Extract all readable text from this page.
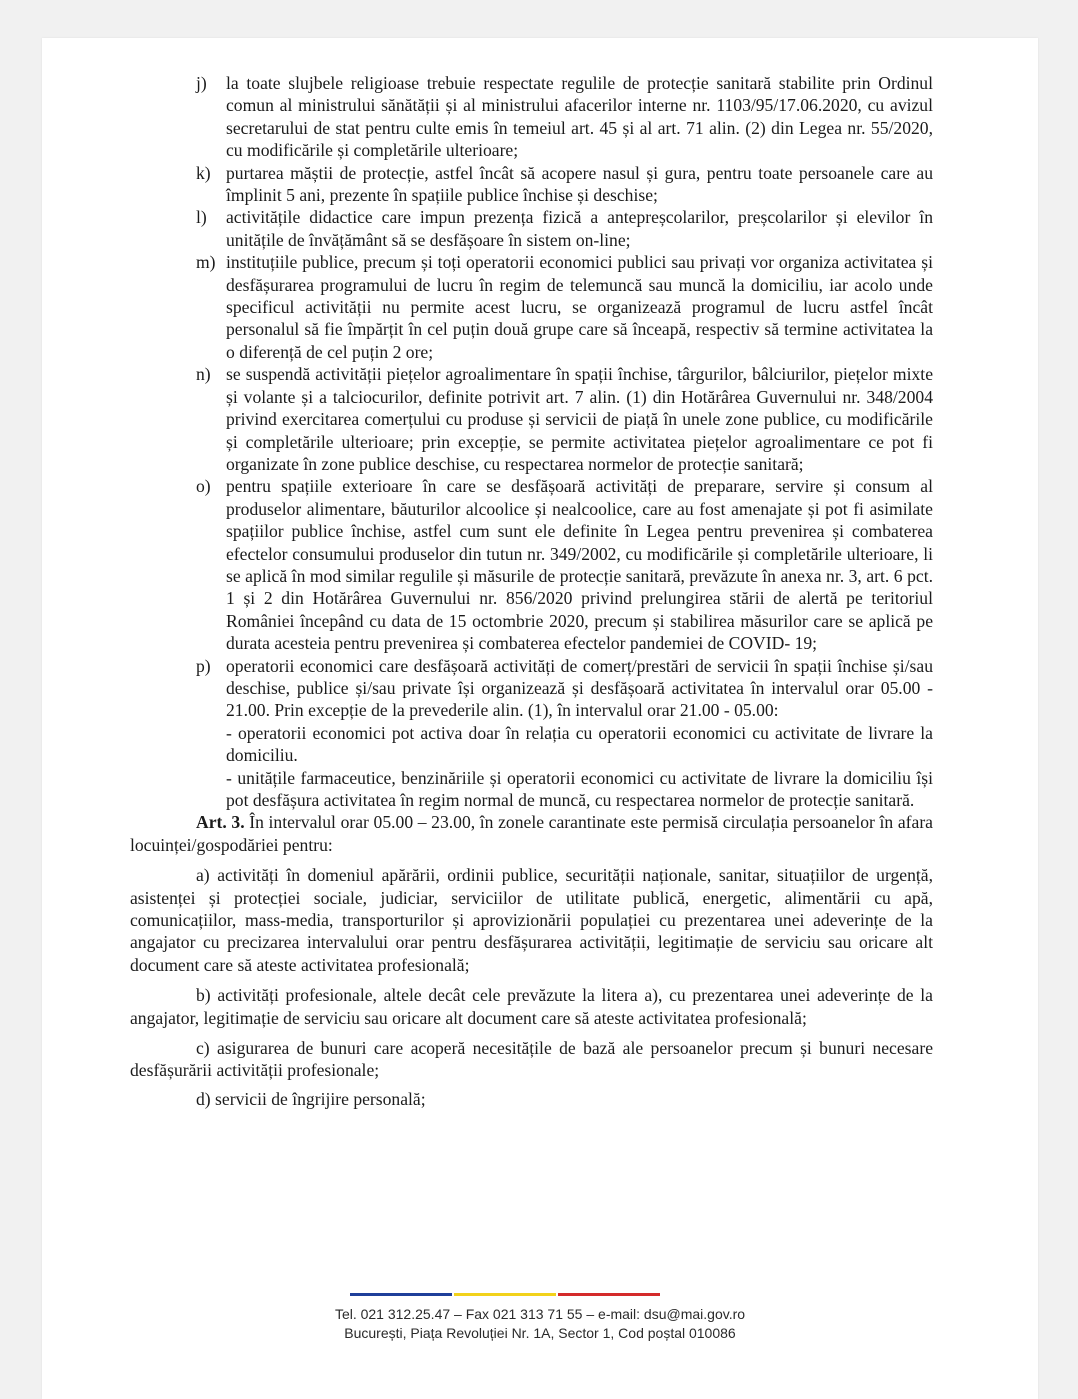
j)	la toate slujbele religioase trebuie respectate regulile de protecție sanitară stabilite prin Ordinul comun al ministrului sănătății și al ministrului afacerilor interne nr. 1103/95/17.06.2020, cu avizul secretarului de stat pentru culte emis în temeiul art. 45 și al art. 71 alin. (2) din Legea nr. 55/2020, cu modificările și completările ulterioare;
k) purtarea măștii de protecție, astfel încât să acopere nasul și gura, pentru toate persoanele care au împlinit 5 ani, prezente în spațiile publice închise și deschise;
l)	activitățile didactice care impun prezența fizică a antepreșcolarilor, preșcolarilor și elevilor în unitățile de învățământ să se desfășoare în sistem on-line;
m) instituțiile publice, precum și toți operatorii economici publici sau privați vor organiza activitatea și desfășurarea programului de lucru în regim de telemuncă sau muncă la domiciliu, iar acolo unde specificul activității nu permite acest lucru, se organizează programul de lucru astfel încât personalul să fie împărțit în cel puțin două grupe care să înceapă, respectiv să termine activitatea la o diferență de cel puțin 2 ore;
n) se suspendă activității piețelor agroalimentare în spații închise, târgurilor, bâlciurilor, piețelor mixte și volante și a talciocurilor, definite potrivit art. 7 alin. (1) din Hotărârea Guvernului nr. 348/2004 privind exercitarea comerțului cu produse și servicii de piață în unele zone publice, cu modificările și completările ulterioare; prin excepție, se permite activitatea piețelor agroalimentare ce pot fi organizate în zone publice deschise, cu respectarea normelor de protecție sanitară;
o) pentru spațiile exterioare în care se desfășoară activități de preparare, servire și consum al produselor alimentare, băuturilor alcoolice și nealcoolice, care au fost amenajate și pot fi asimilate spațiilor publice închise, astfel cum sunt ele definite în Legea pentru prevenirea și combaterea efectelor consumului produselor din tutun nr. 349/2002, cu modificările și completările ulterioare, li se aplică în mod similar regulile și măsurile de protecție sanitară, prevăzute în anexa nr. 3, art. 6 pct. 1 și 2 din Hotărârea Guvernului nr. 856/2020 privind prelungirea stării de alertă pe teritoriul României începând cu data de 15 octombrie 2020, precum și stabilirea măsurilor care se aplică pe durata acesteia pentru prevenirea și combaterea efectelor pandemiei de COVID- 19;
p) operatorii economici care desfășoară activități de comerț/prestări de servicii în spații închise și/sau deschise, publice și/sau private își organizează și desfășoară activitatea în intervalul orar 05.00 - 21.00. Prin excepție de la prevederile alin. (1), în intervalul orar 21.00 - 05.00:
- operatorii economici pot activa doar în relația cu operatorii economici cu activitate de livrare la domiciliu.
- unitățile farmaceutice, benzinăriile și operatorii economici cu activitate de livrare la domiciliu își pot desfășura activitatea în regim normal de muncă, cu respectarea normelor de protecție sanitară.
Art. 3. În intervalul orar 05.00 – 23.00, în zonele carantinate este permisă circulația persoanelor în afara locuinței/gospodăriei pentru:
a) activități în domeniul apărării, ordinii publice, securității naționale, sanitar, situațiilor de urgență, asistenței și protecției sociale, judiciar, serviciilor de utilitate publică, energetic, alimentării cu apă, comunicațiilor, mass-media, transporturilor și aprovizionării populației cu prezentarea unei adeverințe de la angajator cu precizarea intervalului orar pentru desfășurarea activității, legitimație de serviciu sau oricare alt document care să ateste activitatea profesională;
b) activități profesionale, altele decât cele prevăzute la litera a), cu prezentarea unei adeverințe de la angajator, legitimație de serviciu sau oricare alt document care să ateste activitatea profesională;
c) asigurarea de bunuri care acoperă necesitățile de bază ale persoanelor precum și bunuri necesare desfășurării activității profesionale;
d) servicii de îngrijire personală;
Tel. 021 312.25.47 – Fax 021 313 71 55 – e-mail: dsu@mai.gov.ro
București, Piața Revoluției Nr. 1A, Sector 1, Cod poștal 010086
